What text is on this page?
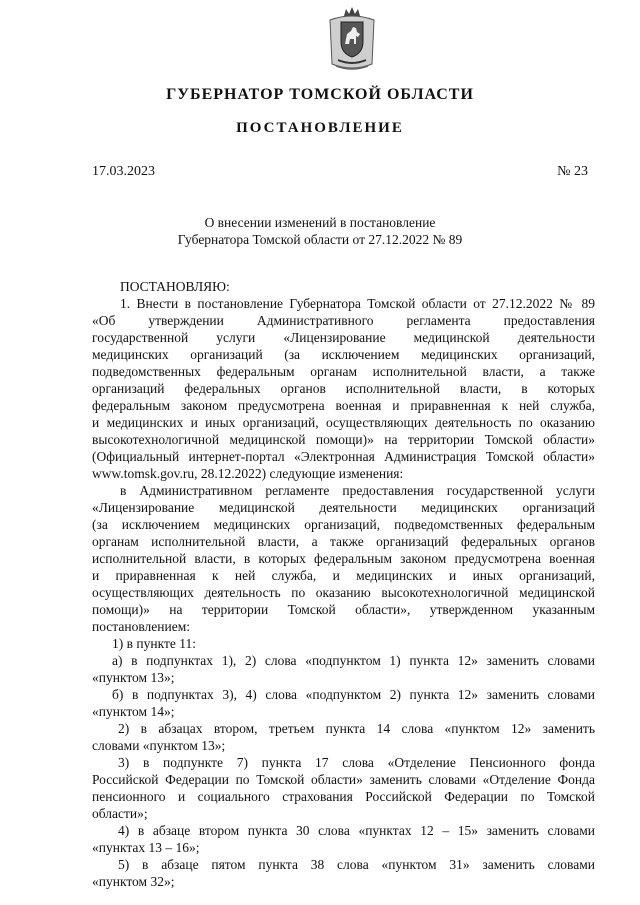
ГУБЕРНАТОР ТОМСКОЙ ОБЛАСТИ
ПОСТАНОВЛЕНИЕ
17.03.2023	№ 23
О внесении изменений в постановление
Губернатора Томской области от 27.12.2022 № 89
ПОСТАНОВЛЯЮ:
1. Внести в постановление Губернатора Томской области от 27.12.2022 № 89
«Об утверждении Административного регламента предоставления
государственной услуги «Лицензирование медицинской деятельности
медицинских организаций (за исключением медицинских организаций,
подведомственных федеральным органам исполнительной власти, а также
организаций федеральных органов исполнительной власти, в которых
федеральным законом предусмотрена военная и приравненная к ней служба,
и медицинских и иных организаций, осуществляющих деятельность по оказанию
высокотехнологичной медицинской помощи)» на территории Томской области»
(Официальный интернет-портал «Электронная Администрация Томской области»
www.tomsk.gov.ru, 28.12.2022) следующие изменения:
в Административном регламенте предоставления государственной услуги
«Лицензирование медицинской деятельности медицинских организаций
(за исключением медицинских организаций, подведомственных федеральным
органам исполнительной власти, а также организаций федеральных органов
исполнительной власти, в которых федеральным законом предусмотрена военная
и приравненная к ней служба, и медицинских и иных организаций,
осуществляющих деятельность по оказанию высокотехнологичной медицинской
помощи)» на территории Томской области», утвержденном указанным
постановлением:
1) в пункте 11:
а) в подпунктах 1), 2) слова «подпунктом 1) пункта 12» заменить словами
«пунктом 13»;
б) в подпунктах 3), 4) слова «подпунктом 2) пункта 12» заменить словами
«пунктом 14»;
2) в абзацах втором, третьем пункта 14 слова «пунктом 12» заменить
словами «пунктом 13»;
3) в подпункте 7) пункта 17 слова «Отделение Пенсионного фонда
Российской Федерации по Томской области» заменить словами «Отделение Фонда
пенсионного и социального страхования Российской Федерации по Томской
области»;
4) в абзаце втором пункта 30 слова «пунктах 12 – 15» заменить словами
«пунктах 13 – 16»;
5) в абзаце пятом пункта 38 слова «пунктом 31» заменить словами
«пунктом 32»;
